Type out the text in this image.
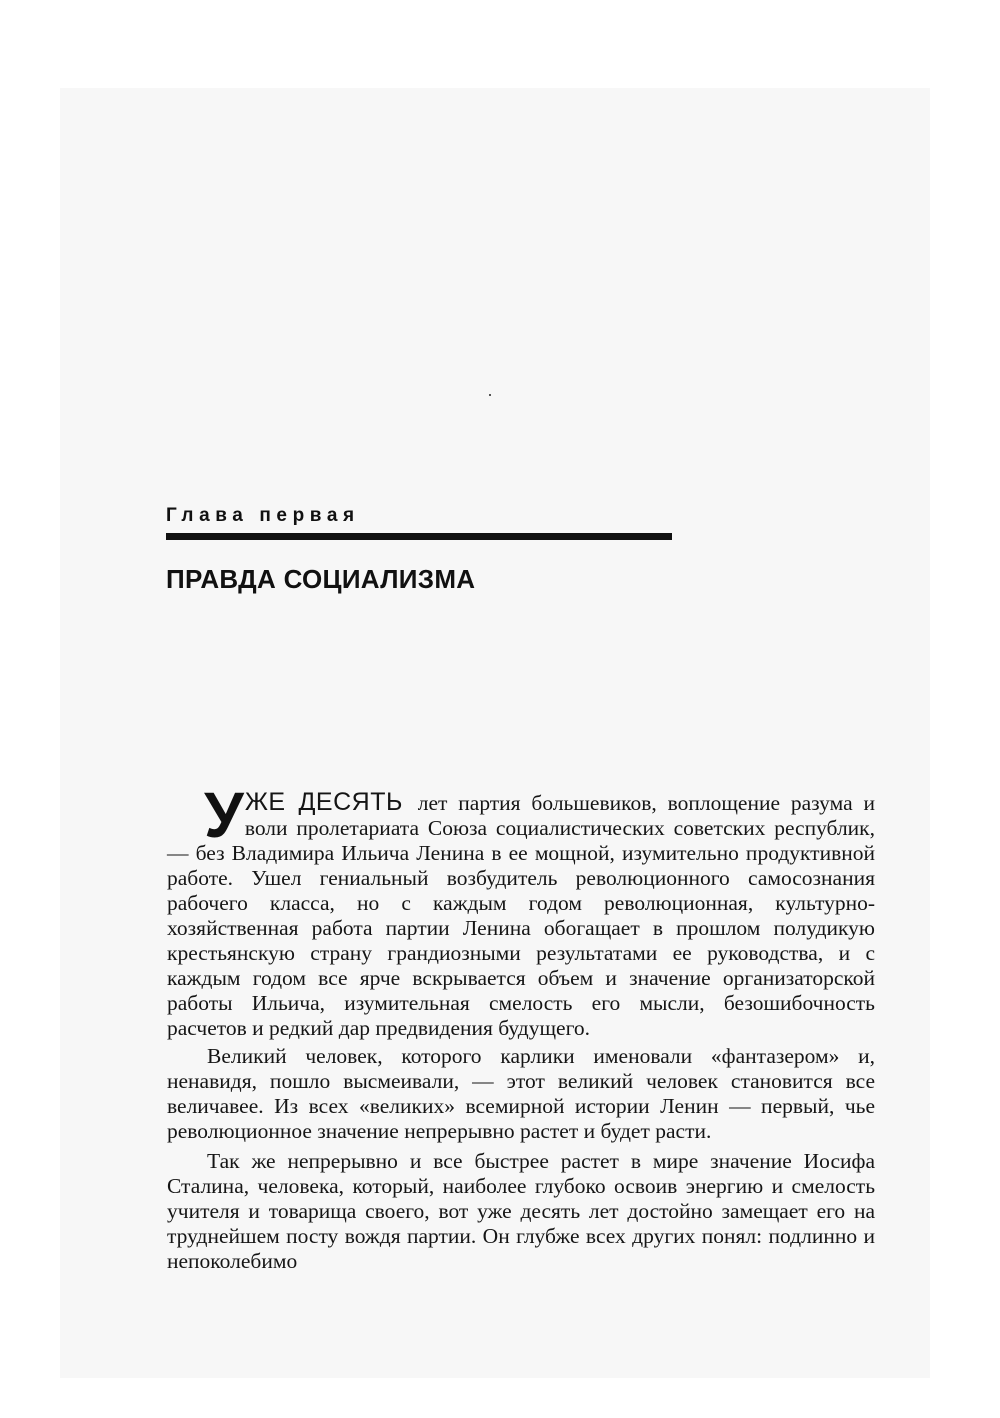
Глава первая
ПРАВДА СОЦИАЛИЗМА

У ЖЕ ДЕСЯТЬ лет партия большевиков, воплощение разума и воли пролетариата Союза социалистических советских республик, — без Владимира Ильича Ленина в ее мощной, изумительно продуктивной работе. Ушел гениальный возбудитель революционного самосознания рабочего класса, но с каждым годом революционная, культурно-хозяйственная работа партии Ленина обогащает в прошлом полудикую крестьянскую страну грандиозными результатами ее руководства, и с каждым годом все ярче вскрывается объем и значение организаторской работы Ильича, изумительная смелость его мысли, безошибочность расчетов и редкий дар предвидения будущего.

Великий человек, которого карлики именовали «фантазером» и, ненавидя, пошло высмеивали, — этот великий человек становится все величавее. Из всех «великих» всемирной истории Ленин — первый, чье революционное значение непрерывно растет и будет расти.

Так же непрерывно и все быстрее растет в мире значение Иосифа Сталина, человека, который, наиболее глубоко освоив энергию и смелость учителя и товарища своего, вот уже десять лет достойно замещает его на труднейшем посту вождя партии. Он глубже всех других понял: подлинно и непоколебимо
